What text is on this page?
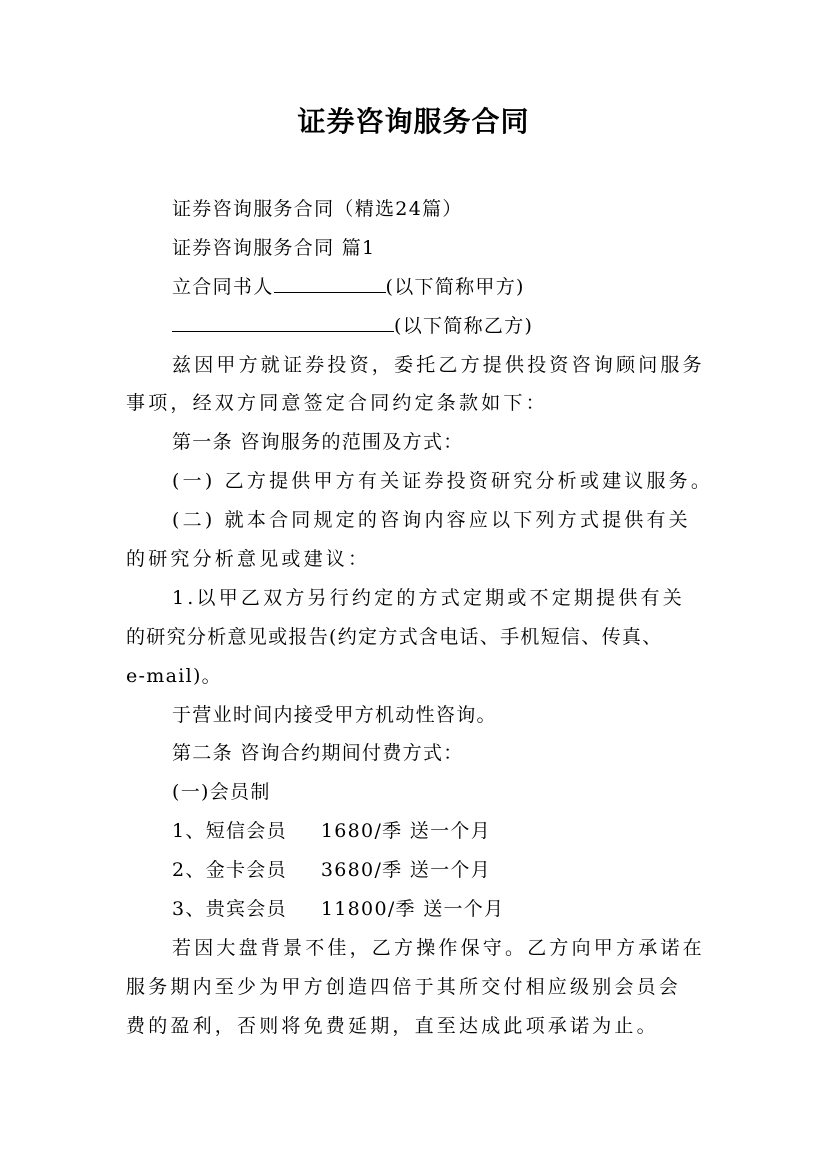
证券咨询服务合同
证券咨询服务合同（精选24篇）
证券咨询服务合同 篇1
立合同书人	(以下简称甲方)
(以下简称乙方)
兹因甲方就证券投资，委托乙方提供投资咨询顾问服务
事项，经双方同意签定合同约定条款如下：
第一条 咨询服务的范围及方式：
(一) 乙方提供甲方有关证券投资研究分析或建议服务。
(二) 就本合同规定的咨询内容应以下列方式提供有关
的研究分析意见或建议：
1.以甲乙双方另行约定的方式定期或不定期提供有关
的研究分析意见或报告(约定方式含电话、手机短信、传真、
e-mail)。
于营业时间内接受甲方机动性咨询。
第二条 咨询合约期间付费方式：
(一)会员制
1、短信会员 1680/季 送一个月
2、金卡会员 3680/季 送一个月
3、贵宾会员 11800/季 送一个月
若因大盘背景不佳，乙方操作保守。乙方向甲方承诺在
服务期内至少为甲方创造四倍于其所交付相应级别会员会
费的盈利，否则将免费延期，直至达成此项承诺为止。
